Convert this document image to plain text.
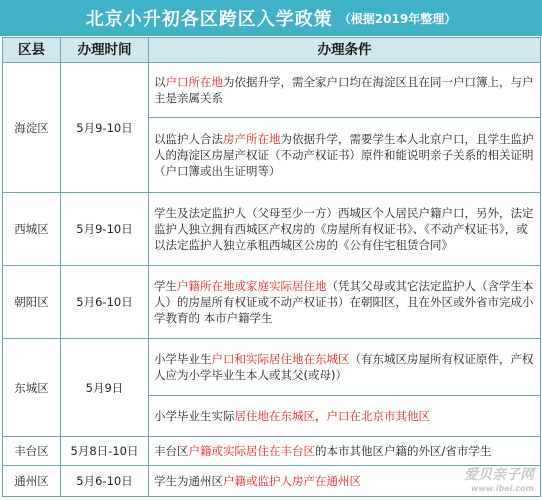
北京小升初各区跨区入学政策 （根据2019年整理）
区县	办理时间	办理条件
海淀区	5月9-10日	以户口所在地为依据升学，需全家户口均在海淀区且在同一户口簿上，与户主是亲属关系
		以监护人合法房产所在地为依据升学，需要学生本人北京户口，且学生监护人的海淀区房屋产权证（不动产权证书）原件和能说明亲子关系的相关证明（户口簿或出生证明等）
西城区	5月9-10日	学生及法定监护人（父母至少一方）西城区个人居民户籍户口，另外，法定监护人独立拥有西城区产权房的《房屋所有权证书》、《不动产权证书》，或以法定监护人独立承租西城区公房的《公有住宅租赁合同》
朝阳区	5月6-10日	学生户籍所在地或家庭实际居住地（凭其父母或其它法定监护人（含学生本人）的房屋所有权证或不动产权证书）在朝阳区，且在外区或外省市完成小学教育的 本市户籍学生
东城区	5月9日	小学毕业生户口和实际居住地在东城区（有东城区房屋所有权证原件，产权人应为小学毕业生本人或其父(或母)）
		小学毕业生实际居住地在东城区，户口在北京市其他区
丰台区	5月8日-10日	丰台区户籍或实际居住在丰台区的本市其他区户籍的外区/省市学生
通州区	5月6-10日	学生为通州区户籍或监护人房产在通州区	爱贝亲子网
www.ibei.com
